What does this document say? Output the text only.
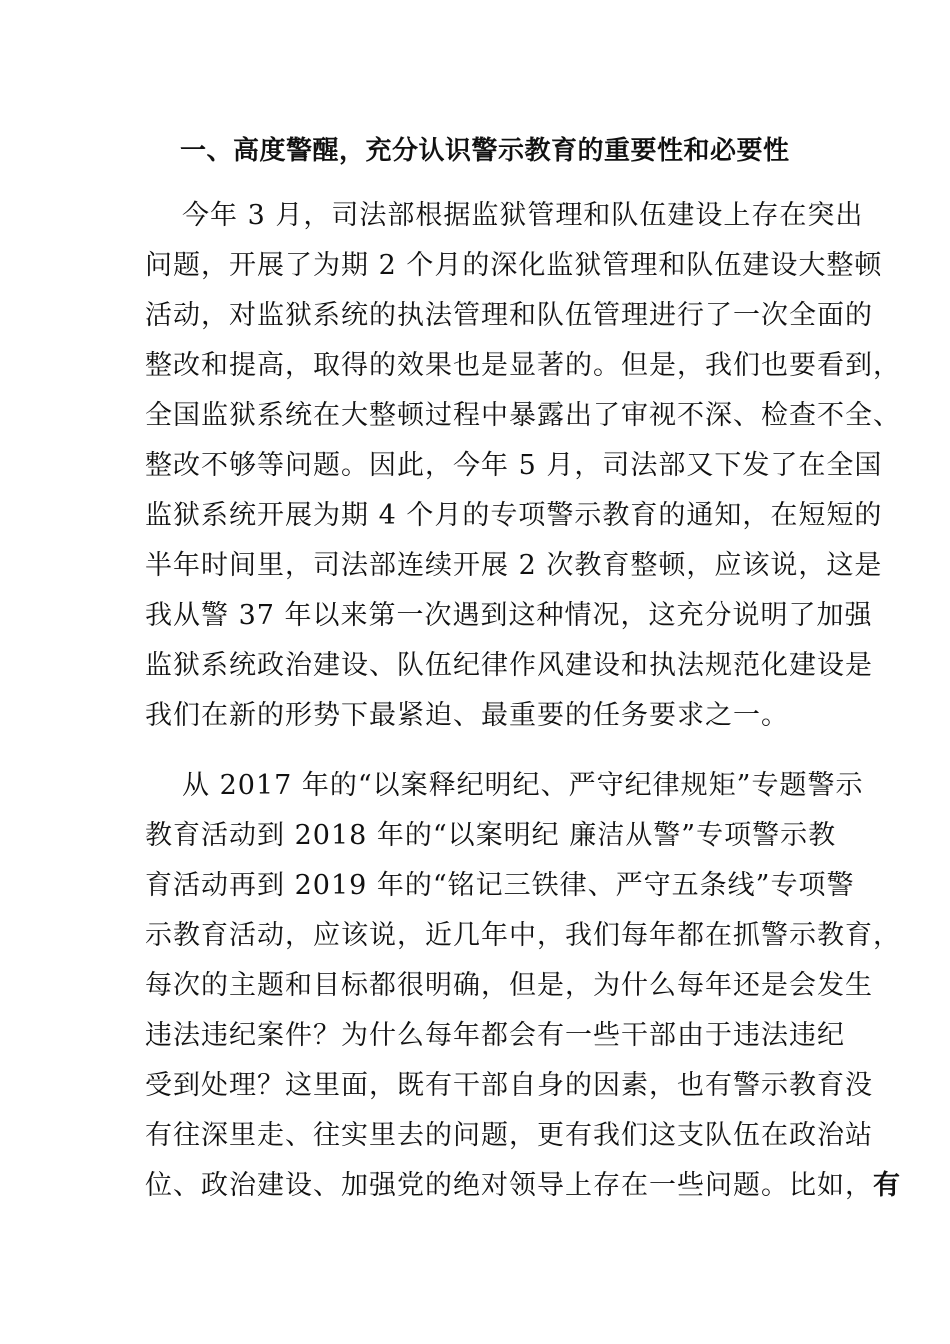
一、高度警醒，充分认识警示教育的重要性和必要性
今年 3 月，司法部根据监狱管理和队伍建设上存在突出
问题，开展了为期 2 个月的深化监狱管理和队伍建设大整顿
活动，对监狱系统的执法管理和队伍管理进行了一次全面的
整改和提高，取得的效果也是显著的。但是，我们也要看到，
全国监狱系统在大整顿过程中暴露出了审视不深、检查不全、
整改不够等问题。因此，今年 5 月，司法部又下发了在全国
监狱系统开展为期 4 个月的专项警示教育的通知，在短短的
半年时间里，司法部连续开展 2 次教育整顿，应该说，这是
我从警 37 年以来第一次遇到这种情况，这充分说明了加强
监狱系统政治建设、队伍纪律作风建设和执法规范化建设是
我们在新的形势下最紧迫、最重要的任务要求之一。
从 2017 年的“以案释纪明纪、严守纪律规矩”专题警示
教育活动到 2018 年的“以案明纪 廉洁从警”专项警示教
育活动再到 2019 年的“铭记三铁律、严守五条线”专项警
示教育活动，应该说，近几年中，我们每年都在抓警示教育，
每次的主题和目标都很明确，但是，为什么每年还是会发生
违法违纪案件？为什么每年都会有一些干部由于违法违纪
受到处理？这里面，既有干部自身的因素，也有警示教育没
有往深里走、往实里去的问题，更有我们这支队伍在政治站
位、政治建设、加强党的绝对领导上存在一些问题。比如，有
